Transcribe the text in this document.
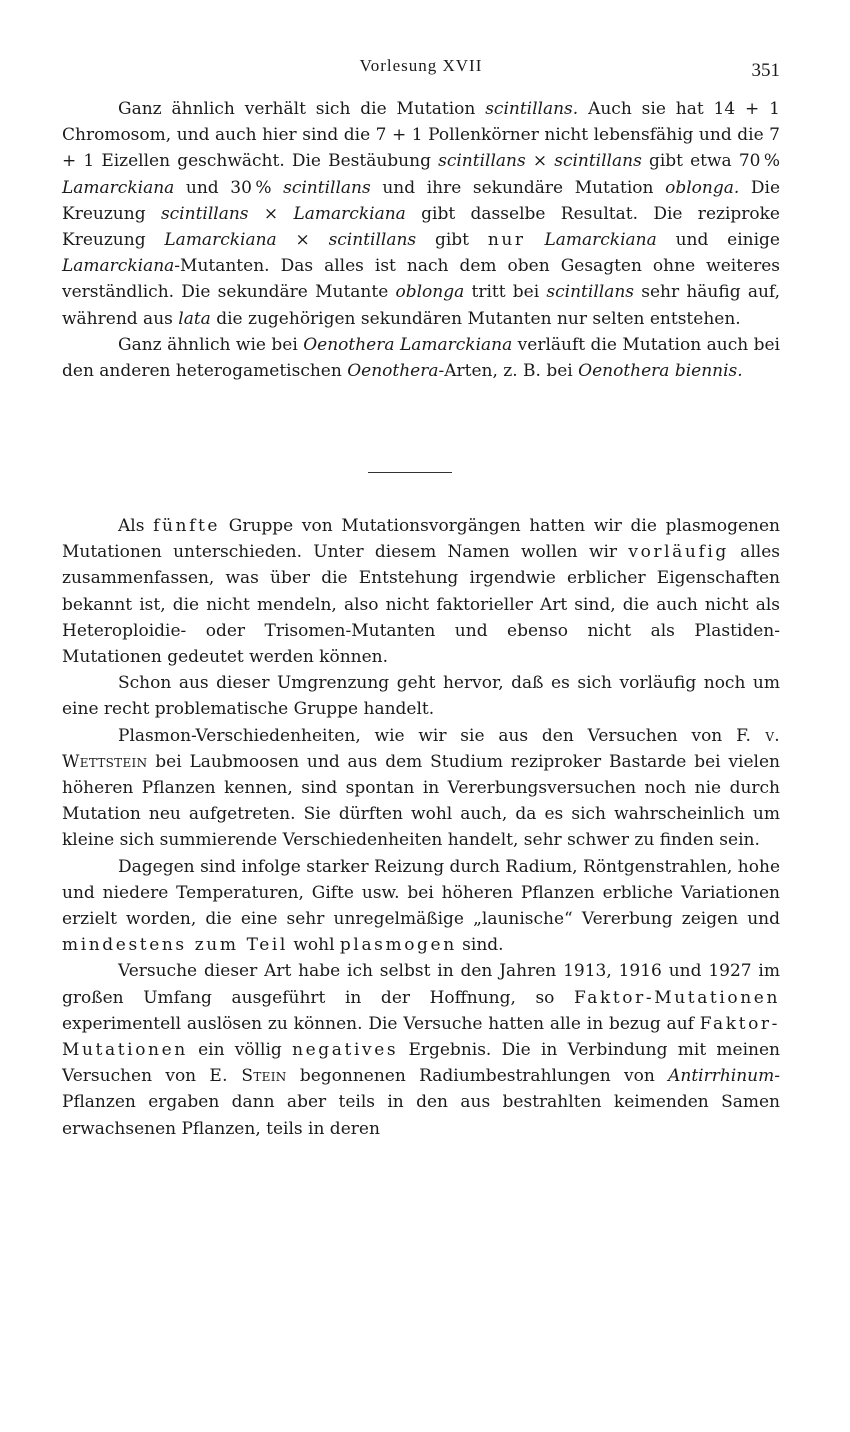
Vorlesung XVII	351

Ganz ähnlich verhält sich die Mutation scintillans. Auch sie hat 14 + 1 Chromosom, und auch hier sind die 7 + 1 Pollenkörner nicht lebensfähig und die 7 + 1 Eizellen geschwächt. Die Bestäubung scintillans × scintillans gibt etwa 70 % Lamarckiana und 30 % scintillans und ihre sekundäre Mutation oblonga. Die Kreuzung scintillans × Lamarckiana gibt dasselbe Resultat. Die reziproke Kreuzung Lamarckiana × scintillans gibt nur Lamarckiana und einige Lamarckiana-Mutanten. Das alles ist nach dem oben Gesagten ohne weiteres verständlich. Die sekundäre Mutante oblonga tritt bei scintillans sehr häufig auf, während aus lata die zugehörigen sekundären Mutanten nur selten entstehen.

Ganz ähnlich wie bei Oenothera Lamarckiana verläuft die Mutation auch bei den anderen heterogametischen Oenothera-Arten, z. B. bei Oenothera biennis.

Als fünfte Gruppe von Mutationsvorgängen hatten wir die plasmogenen Mutationen unterschieden. Unter diesem Namen wollen wir vorläufig alles zusammenfassen, was über die Entstehung irgendwie erblicher Eigenschaften bekannt ist, die nicht mendeln, also nicht faktorieller Art sind, die auch nicht als Heteroploidie- oder Trisomen-Mutanten und ebenso nicht als Plastiden-Mutationen gedeutet werden können.

Schon aus dieser Umgrenzung geht hervor, daß es sich vorläufig noch um eine recht problematische Gruppe handelt.

Plasmon-Verschiedenheiten, wie wir sie aus den Versuchen von F. v. Wettstein bei Laubmoosen und aus dem Studium reziproker Bastarde bei vielen höheren Pflanzen kennen, sind spontan in Vererbungsversuchen noch nie durch Mutation neu aufgetreten. Sie dürften wohl auch, da es sich wahrscheinlich um kleine sich summierende Verschiedenheiten handelt, sehr schwer zu finden sein.

Dagegen sind infolge starker Reizung durch Radium, Röntgenstrahlen, hohe und niedere Temperaturen, Gifte usw. bei höheren Pflanzen erbliche Variationen erzielt worden, die eine sehr unregelmäßige „launische“ Vererbung zeigen und mindestens zum Teil wohl plasmogen sind.

Versuche dieser Art habe ich selbst in den Jahren 1913, 1916 und 1927 im großen Umfang ausgeführt in der Hoffnung, so Faktor-Mutationen experimentell auslösen zu können. Die Versuche hatten alle in bezug auf Faktor-Mutationen ein völlig negatives Ergebnis. Die in Verbindung mit meinen Versuchen von E. Stein begonnenen Radiumbestrahlungen von Antirrhinum-Pflanzen ergaben dann aber teils in den aus bestrahlten keimenden Samen erwachsenen Pflanzen, teils in deren
